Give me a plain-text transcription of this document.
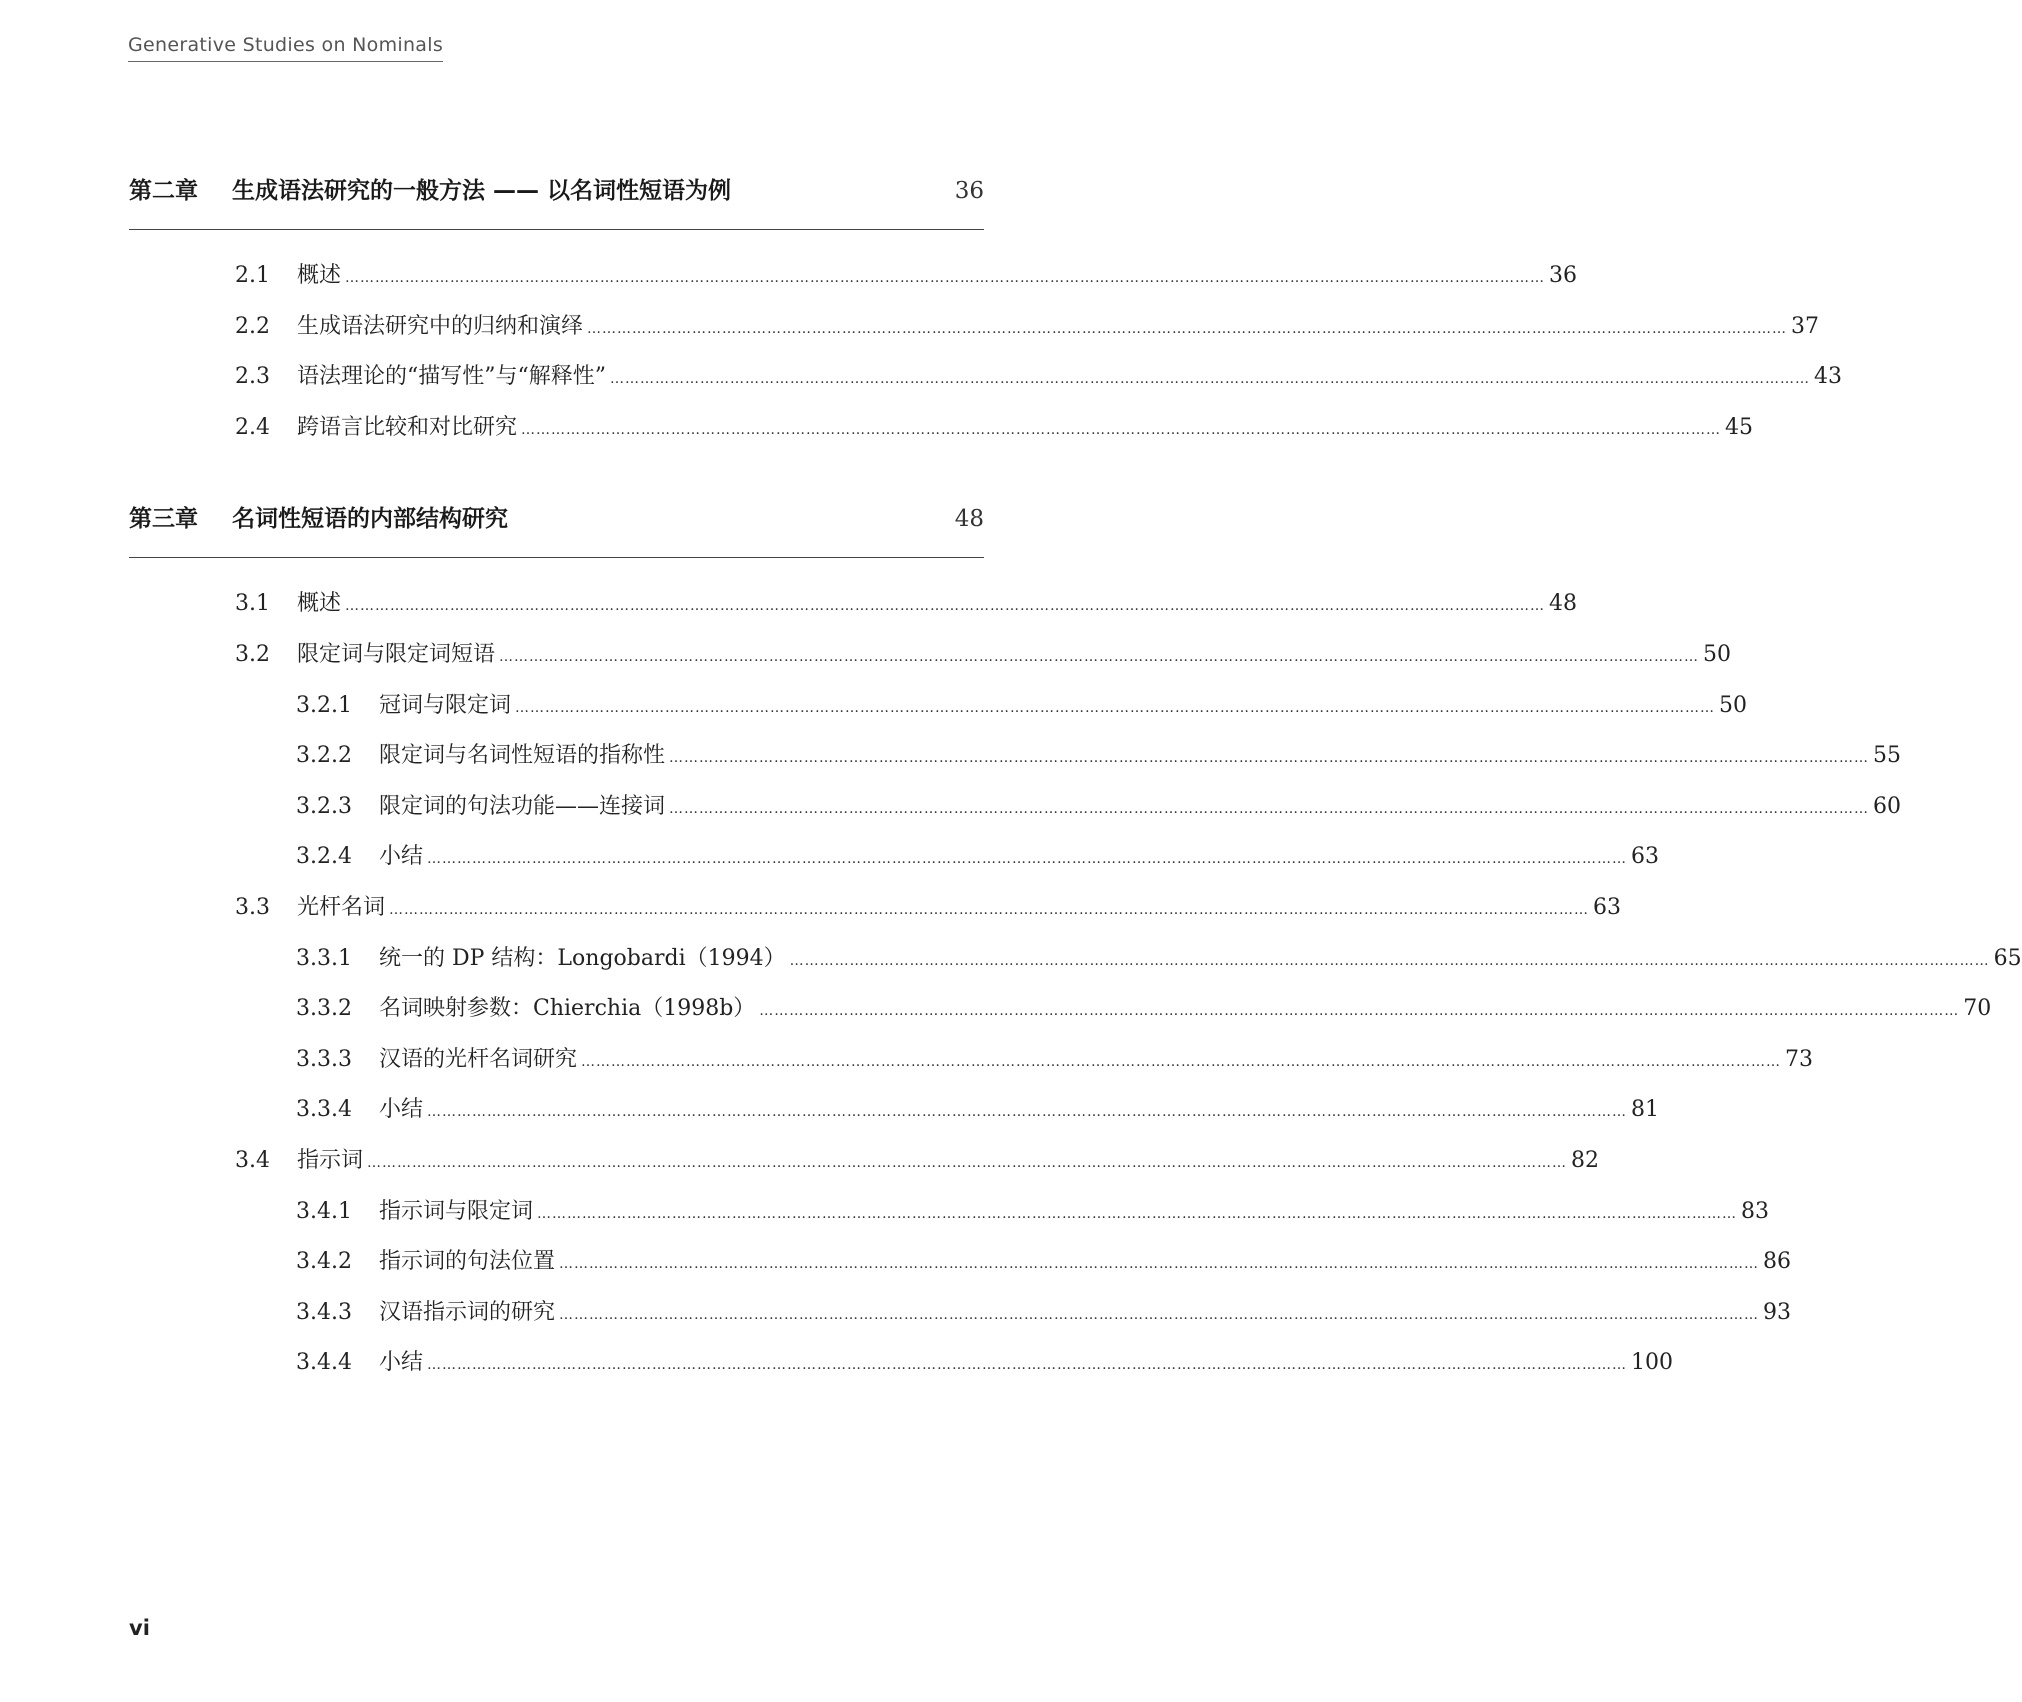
Generative Studies on Nominals
第二章	生成语法研究的一般方法 —— 以名词性短语为例	36
2.1	概述 …………………………………………………………………………………………………………………………………………………………………………………………………………………… 36
2.2	生成语法研究中的归纳和演绎 …………………………………………………………………………………………………………………………………………………………………………………………………………………… 37
2.3	语法理论的“描写性”与“解释性” …………………………………………………………………………………………………………………………………………………………………………………………………………………… 43
2.4	跨语言比较和对比研究 …………………………………………………………………………………………………………………………………………………………………………………………………………………… 45
第三章	名词性短语的内部结构研究	48
3.1	概述 …………………………………………………………………………………………………………………………………………………………………………………………………………………… 48
3.2	限定词与限定词短语 …………………………………………………………………………………………………………………………………………………………………………………………………………………… 50
3.2.1	冠词与限定词 …………………………………………………………………………………………………………………………………………………………………………………………………………………… 50
3.2.2	限定词与名词性短语的指称性 …………………………………………………………………………………………………………………………………………………………………………………………………………………… 55
3.2.3	限定词的句法功能——连接词 …………………………………………………………………………………………………………………………………………………………………………………………………………………… 60
3.2.4	小结 …………………………………………………………………………………………………………………………………………………………………………………………………………………… 63
3.3	光杆名词 …………………………………………………………………………………………………………………………………………………………………………………………………………………… 63
3.3.1	统一的 DP 结构：Longobardi（1994） …………………………………………………………………………………………………………………………………………………………………………………………………………………… 65
3.3.2	名词映射参数：Chierchia（1998b） …………………………………………………………………………………………………………………………………………………………………………………………………………………… 70
3.3.3	汉语的光杆名词研究 …………………………………………………………………………………………………………………………………………………………………………………………………………………… 73
3.3.4	小结 …………………………………………………………………………………………………………………………………………………………………………………………………………………… 81
3.4	指示词 …………………………………………………………………………………………………………………………………………………………………………………………………………………… 82
3.4.1	指示词与限定词 …………………………………………………………………………………………………………………………………………………………………………………………………………………… 83
3.4.2	指示词的句法位置 …………………………………………………………………………………………………………………………………………………………………………………………………………………… 86
3.4.3	汉语指示词的研究 …………………………………………………………………………………………………………………………………………………………………………………………………………………… 93
3.4.4	小结 …………………………………………………………………………………………………………………………………………………………………………………………………………………… 100
vi
